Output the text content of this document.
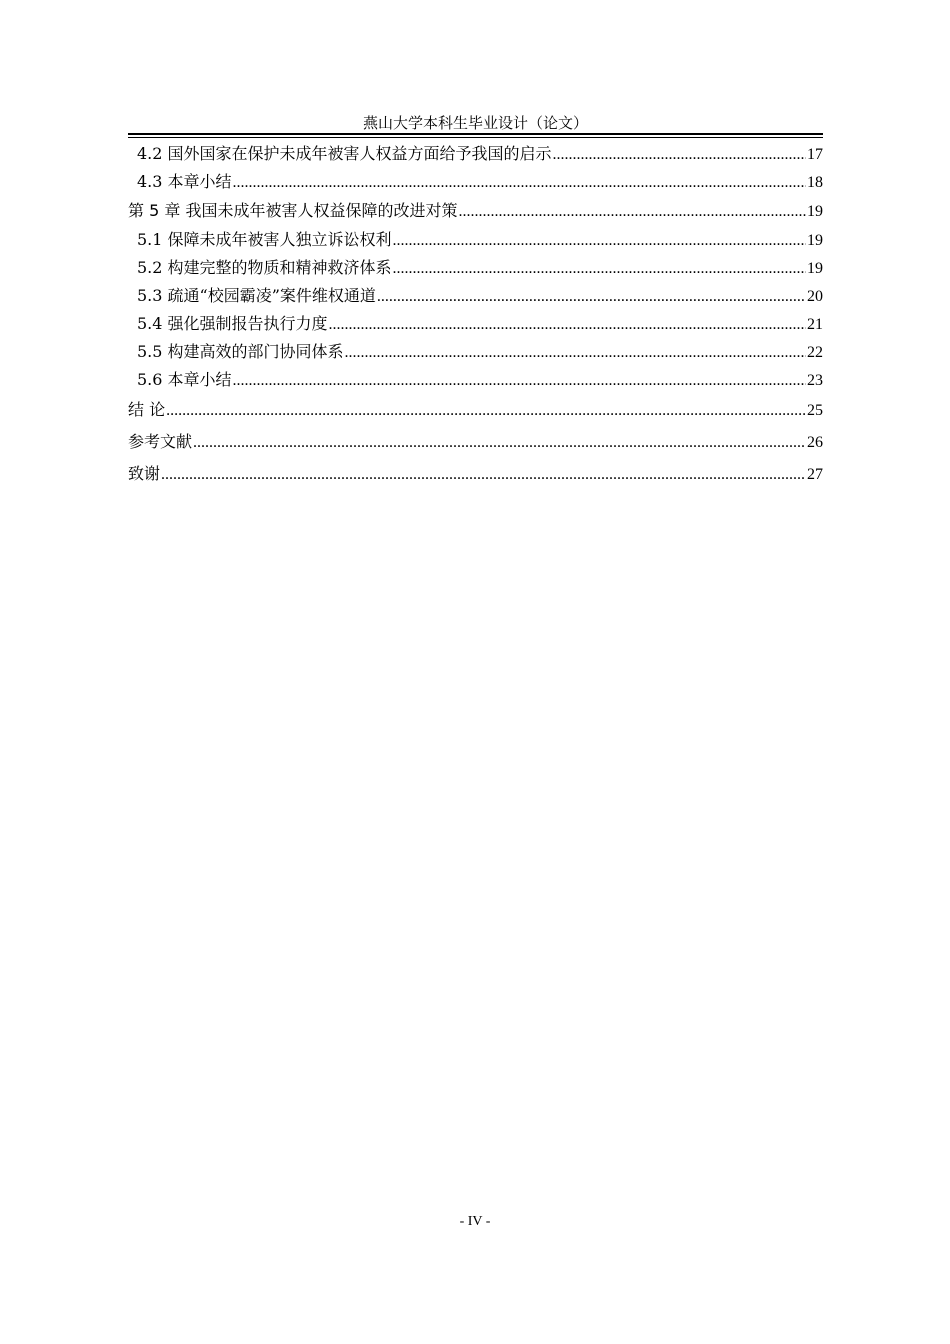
燕山大学本科生毕业设计（论文）
4.2 国外国家在保护未成年被害人权益方面给予我国的启示 .....	17
4.3 本章小结 .....	18
第 5 章 我国未成年被害人权益保障的改进对策 .....	19
5.1 保障未成年被害人独立诉讼权利 .....	19
5.2 构建完整的物质和精神救济体系 .....	19
5.3 疏通“校园霸凌”案件维权通道 .....	20
5.4 强化强制报告执行力度 .....	21
5.5 构建高效的部门协同体系 .....	22
5.6 本章小结 .....	23
结 论 .....	25
参考文献 .....	26
致谢 .....	27
- IV -
